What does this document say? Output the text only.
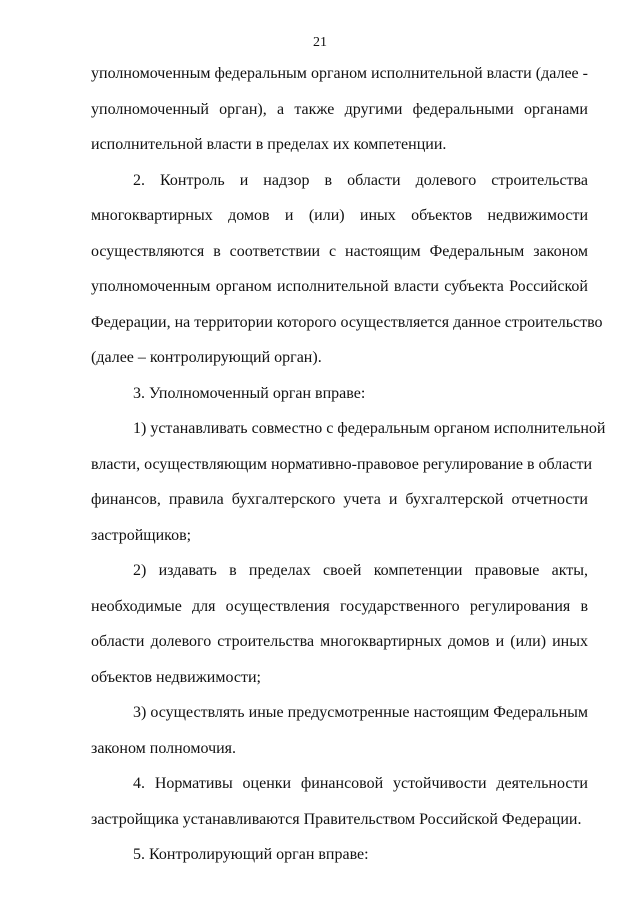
21
уполномоченным федеральным органом исполнительной власти (далее -
уполномоченный орган), а также другими федеральными органами
исполнительной власти в пределах их компетенции.
2. Контроль и надзор в области долевого строительства
многоквартирных домов и (или) иных объектов недвижимости
осуществляются в соответствии с настоящим Федеральным законом
уполномоченным органом исполнительной власти субъекта Российской
Федерации, на территории которого осуществляется данное строительство
(далее – контролирующий орган).
3. Уполномоченный орган вправе:
1) устанавливать совместно с федеральным органом исполнительной
власти, осуществляющим нормативно-правовое регулирование в области
финансов, правила бухгалтерского учета и бухгалтерской отчетности
застройщиков;
2) издавать в пределах своей компетенции правовые акты,
необходимые для осуществления государственного регулирования в
области долевого строительства многоквартирных домов и (или) иных
объектов недвижимости;
3) осуществлять иные предусмотренные настоящим Федеральным
законом полномочия.
4. Нормативы оценки финансовой устойчивости деятельности
застройщика устанавливаются Правительством Российской Федерации.
5. Контролирующий орган вправе:
